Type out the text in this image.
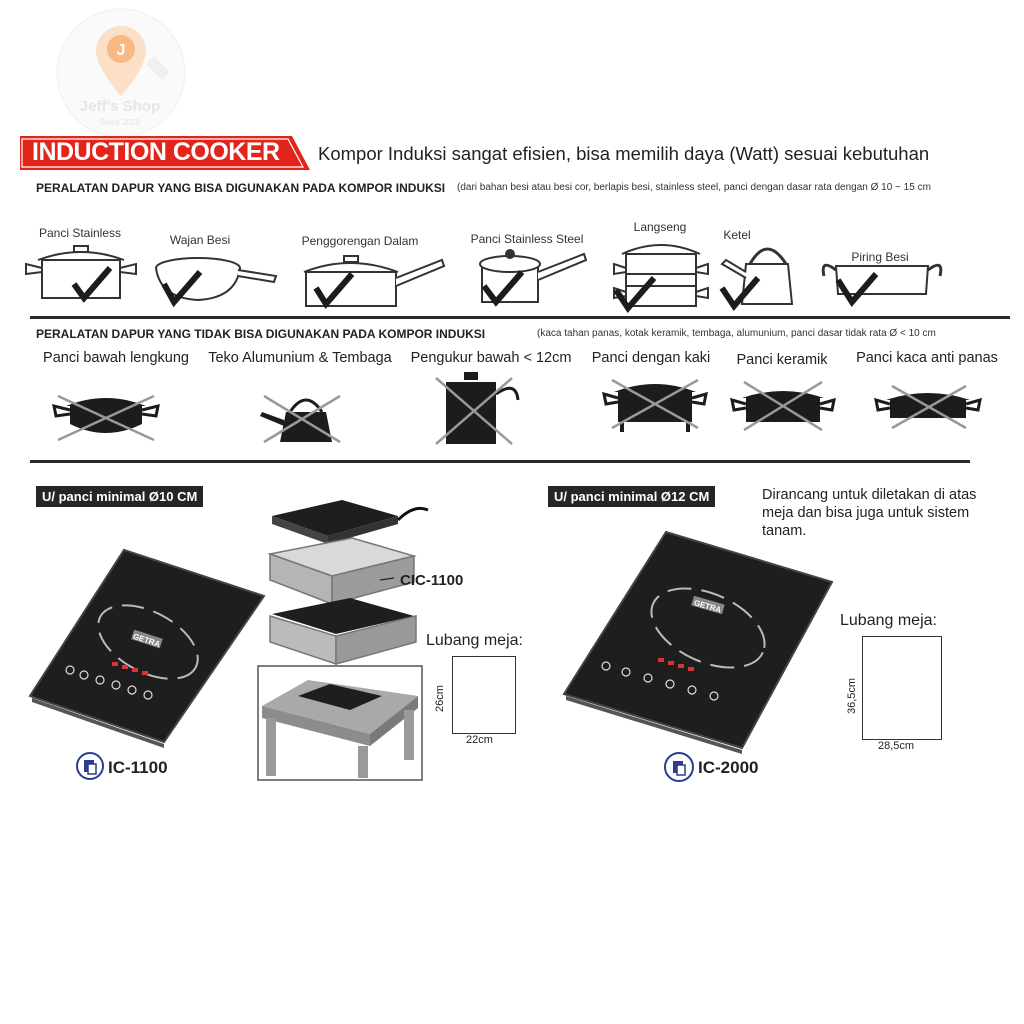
J
Jeff's Shop
Since 2020
INDUCTION COOKER Kompor Induksi sangat efisien, bisa memilih daya (Watt) sesuai kebutuhan
PERALATAN DAPUR YANG BISA DIGUNAKAN PADA KOMPOR INDUKSI (dari bahan besi atau besi cor, berlapis besi, stainless steel, panci dengan dasar rata dengan Ø 10 ~ 15 cm
Panci Stainless	Wajan Besi	Penggorengan Dalam	Panci Stainless Steel
Langseng
Ketel
Piring Besi
PERALATAN DAPUR YANG TIDAK BISA DIGUNAKAN PADA KOMPOR INDUKSI	(kaca tahan panas, kotak keramik, tembaga, alumunium, panci dasar tidak rata Ø < 10 cm
Panci bawah lengkung	Teko Alumunium & Tembaga	Pengukur bawah < 12cm	Panci dengan kaki	Panci keramik	Panci kaca anti panas
U/ panci minimal Ø10 CM
GETRA
IC-1100
CIC-1100
Lubang meja:
26cm
22cm
U/ panci minimal Ø12 CM	Dirancang untuk diletakan di atas meja dan bisa juga untuk sistem tanam.
GETRA
IC-2000
Lubang meja:
36,5cm
28,5cm
